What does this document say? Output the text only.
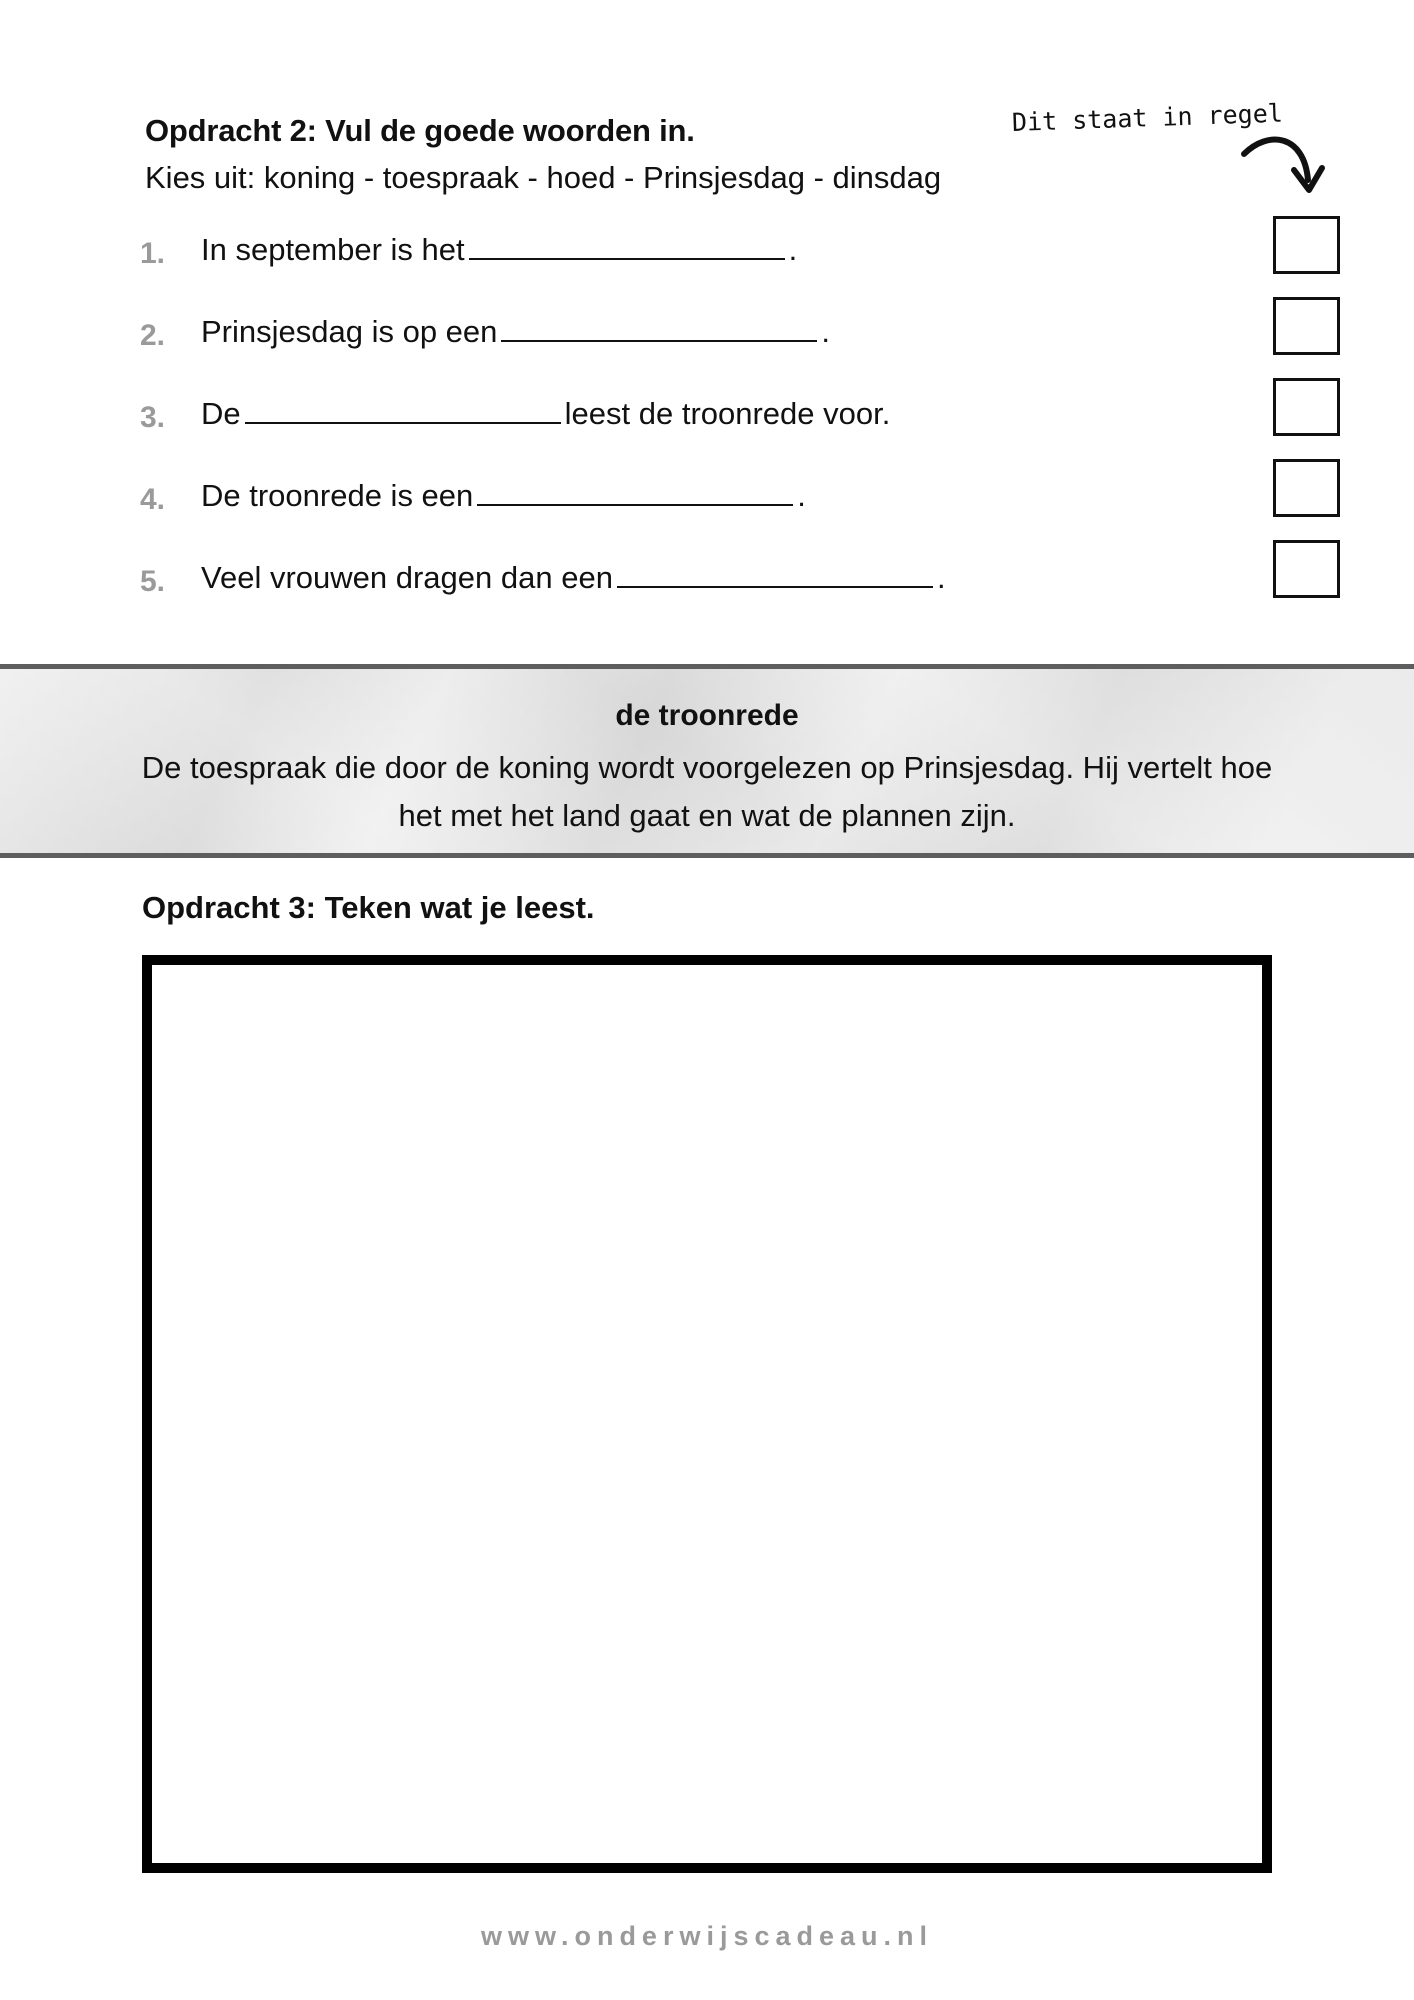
Opdracht 2: Vul de goede woorden in.
Kies uit: koning - toespraak - hoed - Prinsjesdag - dinsdag
Dit staat in regel
1. In september is het	.
2. Prinsjesdag is op een	.
3. De	leest de troonrede voor.
4. De troonrede is een	.
5. Veel vrouwen dragen dan een	.
de troonrede
De toespraak die door de koning wordt voorgelezen op Prinsjesdag. Hij vertelt hoe het met het land gaat en wat de plannen zijn.
Opdracht 3: Teken wat je leest.
www.onderwijscadeau.nl
